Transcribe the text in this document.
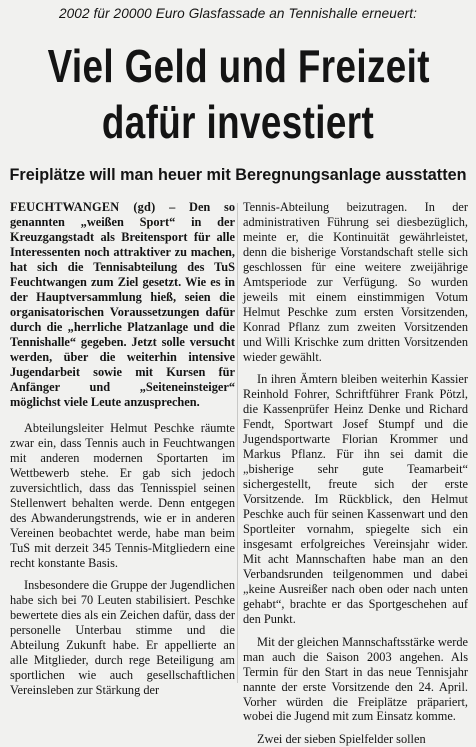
2002 für 20000 Euro Glasfassade an Tennishalle erneuert:
Viel Geld und Freizeit
dafür investiert
Freiplätze will man heuer mit Beregnungsanlage ausstatten

FEUCHTWANGEN (gd) – Den so genannten „weißen Sport“ in der Kreuzgangstadt als Breitensport für alle Interessenten noch attraktiver zu machen, hat sich die Tennisabteilung des TuS Feuchtwangen zum Ziel gesetzt. Wie es in der Hauptversammlung hieß, seien die organisatorischen Voraussetzungen dafür durch die „herrliche Platzanlage und die Tennishalle“ gegeben. Jetzt solle versucht werden, über die weiterhin intensive Jugendarbeit sowie mit Kursen für Anfänger und „Seiteneinsteiger“ möglichst viele Leute anzusprechen.

Abteilungsleiter Helmut Peschke räumte zwar ein, dass Tennis auch in Feuchtwangen mit anderen modernen Sportarten im Wettbewerb stehe. Er gab sich jedoch zuversichtlich, dass das Tennisspiel seinen Stellenwert behalten werde. Denn entgegen des Abwanderungstrends, wie er in anderen Vereinen beobachtet werde, habe man beim TuS mit derzeit 345 Tennis-Mitgliedern eine recht konstante Basis.

Insbesondere die Gruppe der Jugendlichen habe sich bei 70 Leuten stabilisiert. Peschke bewertete dies als ein Zeichen dafür, dass der personelle Unterbau stimme und die Abteilung Zukunft habe. Er appellierte an alle Mitglieder, durch rege Beteiligung am sportlichen wie auch gesellschaftlichen Vereinsleben zur Stärkung der

Tennis-Abteilung beizutragen. In der administrativen Führung sei diesbezüglich, meinte er, die Kontinuität gewährleistet, denn die bisherige Vorstandschaft stelle sich geschlossen für eine weitere zweijährige Amtsperiode zur Verfügung. So wurden jeweils mit einem einstimmigen Votum Helmut Peschke zum ersten Vorsitzenden, Konrad Pflanz zum zweiten Vorsitzenden und Willi Krischke zum dritten Vorsitzenden wieder gewählt.

In ihren Ämtern bleiben weiterhin Kassier Reinhold Fohrer, Schriftführer Frank Pötzl, die Kassenprüfer Heinz Denke und Richard Fendt, Sportwart Josef Stumpf und die Jugendsportwarte Florian Krommer und Markus Pflanz. Für ihn sei damit die „bisherige sehr gute Teamarbeit“ sichergestellt, freute sich der erste Vorsitzende. Im Rückblick, den Helmut Peschke auch für seinen Kassenwart und den Sportleiter vornahm, spiegelte sich ein insgesamt erfolgreiches Vereinsjahr wider. Mit acht Mannschaften habe man an den Verbandsrunden teilgenommen und dabei „keine Ausreißer nach oben oder nach unten gehabt“, brachte er das Sportgeschehen auf den Punkt.

Mit der gleichen Mannschaftsstärke werde man auch die Saison 2003 angehen. Als Termin für den Start in das neue Tennisjahr nannte der erste Vorsitzende den 24. April. Vorher würden die Freiplätze präpariert, wobei die Jugend mit zum Einsatz komme.

Zwei der sieben Spielfelder sollen
